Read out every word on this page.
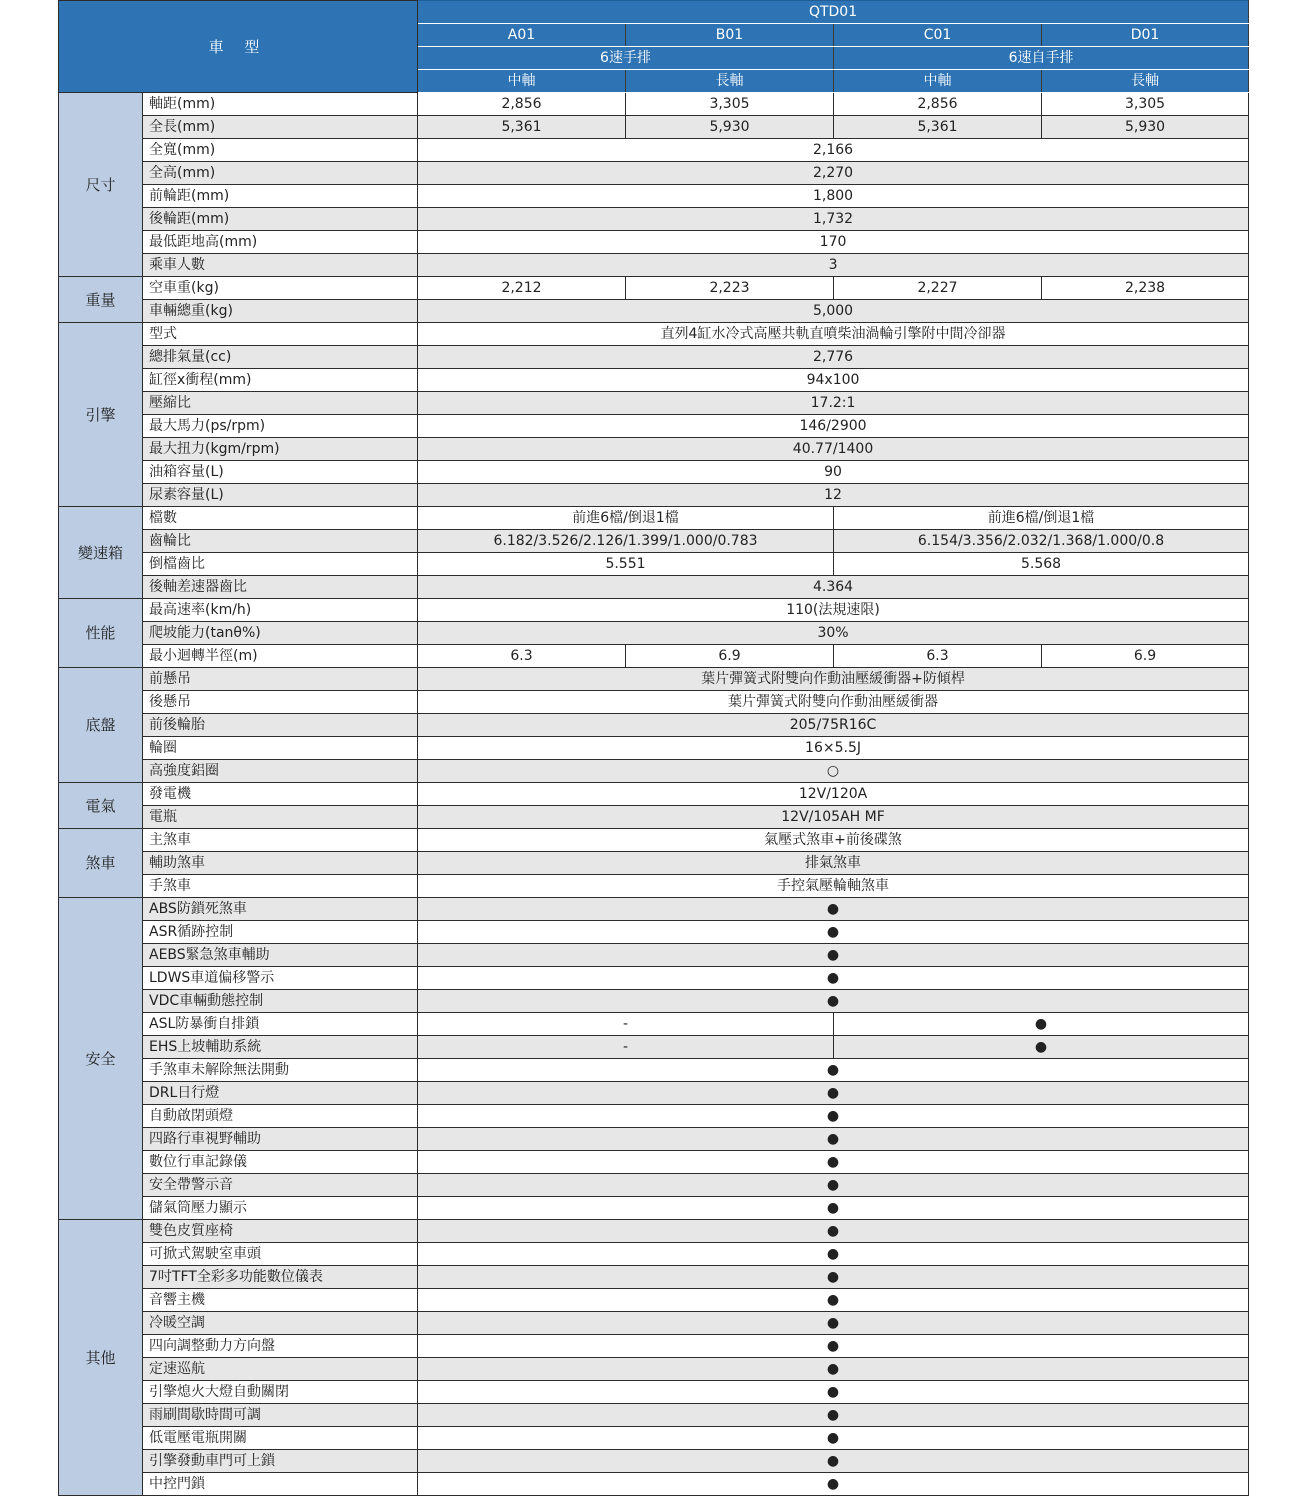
車 型		QTD01			
		A01	B01	C01	D01
		6速手排		6速自手排	
		中軸	長軸	中軸	長軸
尺寸	軸距(mm)	2,856	3,305	2,856	3,305
	全長(mm)	5,361	5,930	5,361	5,930
	全寬(mm)	2,166			
	全高(mm)	2,270			
	前輪距(mm)	1,800			
	後輪距(mm)	1,732			
	最低距地高(mm)	170			
	乘車人數	3			
重量	空車重(kg)	2,212	2,223	2,227	2,238
	車輛總重(kg)	5,000			
引擎	型式	直列4缸水冷式高壓共軌直噴柴油渦輪引擎附中間冷卻器			
	總排氣量(cc)	2,776			
	缸徑x衝程(mm)	94x100			
	壓縮比	17.2:1			
	最大馬力(ps/rpm)	146/2900			
	最大扭力(kgm/rpm)	40.77/1400			
	油箱容量(L)	90			
	尿素容量(L)	12			
變速箱	檔數	前進6檔/倒退1檔		前進6檔/倒退1檔	
	齒輪比	6.182/3.526/2.126/1.399/1.000/0.783		6.154/3.356/2.032/1.368/1.000/0.8	
	倒檔齒比	5.551		5.568	
	後軸差速器齒比	4.364			
性能	最高速率(km/h)	110(法規速限)			
	爬坡能力(tanθ%)	30%			
	最小迴轉半徑(m)	6.3	6.9	6.3	6.9
底盤	前懸吊	葉片彈簧式附雙向作動油壓緩衝器+防傾桿			
	後懸吊	葉片彈簧式附雙向作動油壓緩衝器			
	前後輪胎	205/75R16C			
	輪圈	16×5.5J			
	高強度鋁圈	○			
電氣	發電機	12V/120A			
	電瓶	12V/105AH MF			
煞車	主煞車	氣壓式煞車+前後碟煞			
	輔助煞車	排氣煞車			
	手煞車	手控氣壓輪軸煞車			
安全	ABS防鎖死煞車	●			
	ASR循跡控制	●			
	AEBS緊急煞車輔助	●			
	LDWS車道偏移警示	●			
	VDC車輛動態控制	●			
	ASL防暴衝自排鎖	-		●	
	EHS上坡輔助系統	-		●	
	手煞車未解除無法開動	●			
	DRL日行燈	●			
	自動啟閉頭燈	●			
	四路行車視野輔助	●			
	數位行車記錄儀	●			
	安全帶警示音	●			
	儲氣筒壓力顯示	●			
其他	雙色皮質座椅	●			
	可掀式駕駛室車頭	●			
	7吋TFT全彩多功能數位儀表	●			
	音響主機	●			
	冷暖空調	●			
	四向調整動力方向盤	●			
	定速巡航	●			
	引擎熄火大燈自動關閉	●			
	雨刷間歇時間可調	●			
	低電壓電瓶開關	●			
	引擎發動車門可上鎖	●			
	中控門鎖	●			
